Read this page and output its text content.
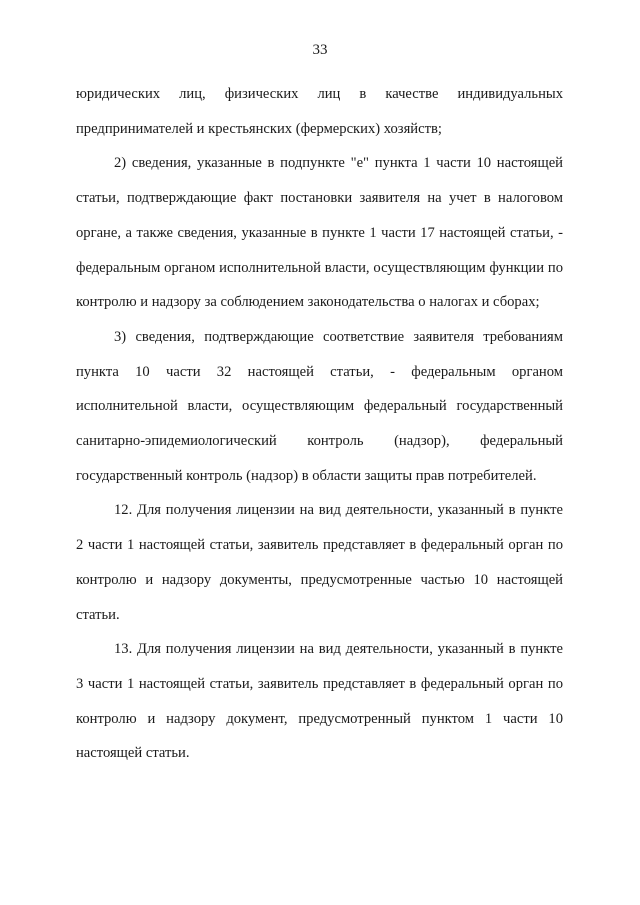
33

юридических лиц, физических лиц в качестве индивидуальных предпринимателей и крестьянских (фермерских) хозяйств;

2) сведения, указанные в подпункте "е" пункта 1 части 10 настоящей статьи, подтверждающие факт постановки заявителя на учет в налоговом органе, а также сведения, указанные в пункте 1 части 17 настоящей статьи, - федеральным органом исполнительной власти, осуществляющим функции по контролю и надзору за соблюдением законодательства о налогах и сборах;

3) сведения, подтверждающие соответствие заявителя требованиям пункта 10 части 32 настоящей статьи, - федеральным органом исполнительной власти, осуществляющим федеральный государственный санитарно-эпидемиологический контроль (надзор), федеральный государственный контроль (надзор) в области защиты прав потребителей.

12. Для получения лицензии на вид деятельности, указанный в пункте 2 части 1 настоящей статьи, заявитель представляет в федеральный орган по контролю и надзору документы, предусмотренные частью 10 настоящей статьи.

13. Для получения лицензии на вид деятельности, указанный в пункте 3 части 1 настоящей статьи, заявитель представляет в федеральный орган по контролю и надзору документ, предусмотренный пунктом 1 части 10 настоящей статьи.
